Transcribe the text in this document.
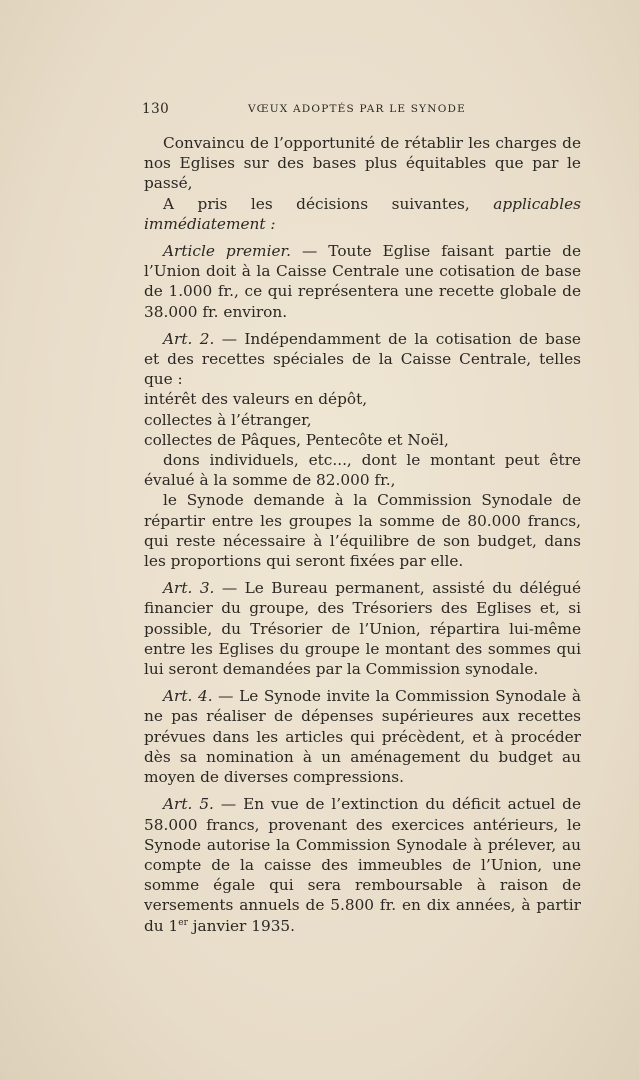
130	VŒUX ADOPTÉS PAR LE SYNODE

Convaincu de l’opportunité de rétablir les charges de nos Eglises sur des bases plus équitables que par le passé,

A pris les décisions suivantes, applicables immédiatement :

Article premier. — Toute Eglise faisant partie de l’Union doit à la Caisse Centrale une cotisation de base de 1.000 fr., ce qui représentera une recette globale de 38.000 fr. environ.

Art. 2. — Indépendamment de la cotisation de base et des recettes spéciales de la Caisse Centrale, telles que :

intérêt des valeurs en dépôt,

collectes à l’étranger,

collectes de Pâques, Pentecôte et Noël,

dons individuels, etc..., dont le montant peut être évalué à la somme de 82.000 fr.,

le Synode demande à la Commission Synodale de répartir entre les groupes la somme de 80.000 francs, qui reste nécessaire à l’équilibre de son budget, dans les proportions qui seront fixées par elle.

Art. 3. — Le Bureau permanent, assisté du délégué financier du groupe, des Trésoriers des Eglises et, si possible, du Trésorier de l’Union, répartira lui-même entre les Eglises du groupe le montant des sommes qui lui seront demandées par la Commission synodale.

Art. 4. — Le Synode invite la Commission Synodale à ne pas réaliser de dépenses supérieures aux recettes prévues dans les articles qui précèdent, et à procéder dès sa nomination à un aménagement du budget au moyen de diverses compressions.

Art. 5. — En vue de l’extinction du déficit actuel de 58.000 francs, provenant des exercices antérieurs, le Synode autorise la Commission Synodale à prélever, au compte de la caisse des immeubles de l’Union, une somme égale qui sera remboursable à raison de versements annuels de 5.800 fr. en dix années, à partir du 1er janvier 1935.
